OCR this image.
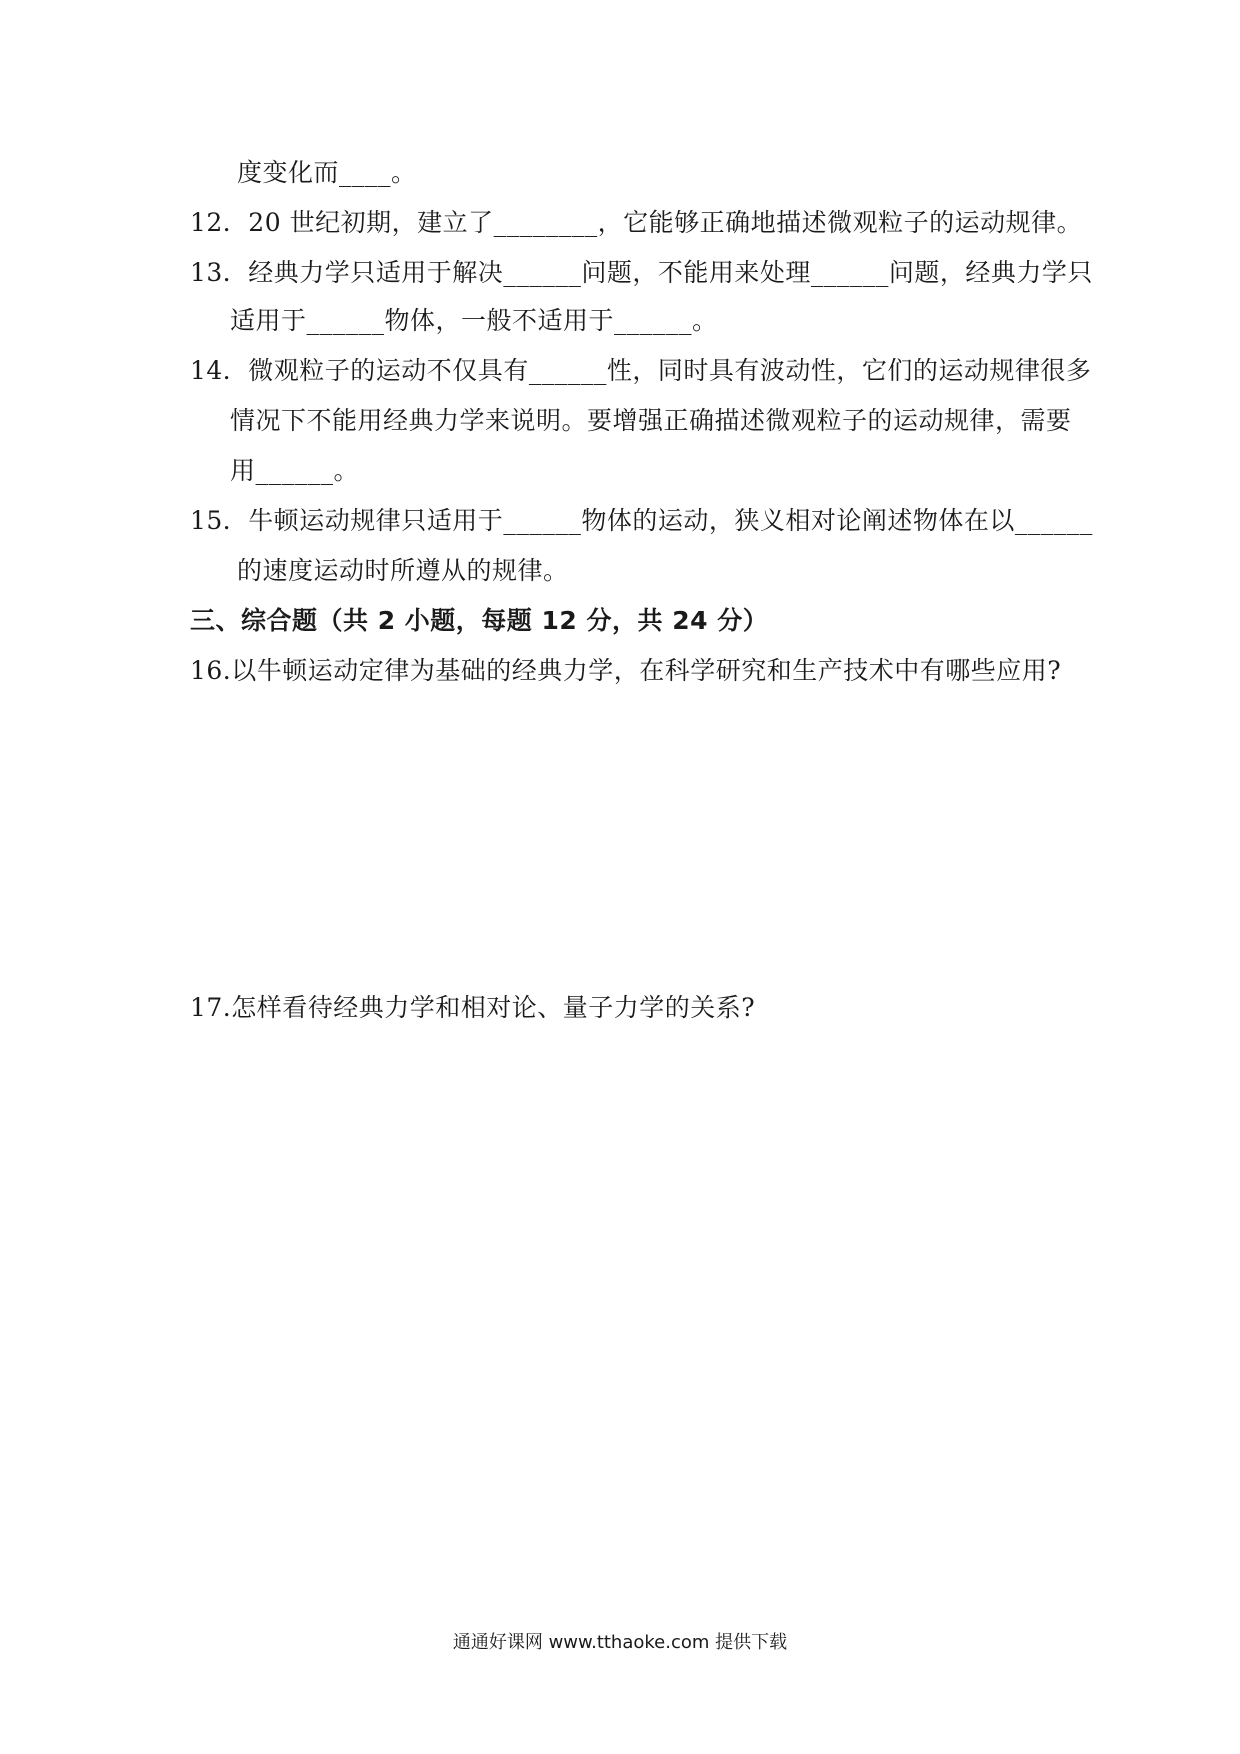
度变化而____。
12．20 世纪初期，建立了________，它能够正确地描述微观粒子的运动规律。
13．经典力学只适用于解决______问题，不能用来处理______问题，经典力学只
适用于______物体，一般不适用于______。
14．微观粒子的运动不仅具有______性，同时具有波动性，它们的运动规律很多
情况下不能用经典力学来说明。要增强正确描述微观粒子的运动规律，需要
用______。
15．牛顿运动规律只适用于______物体的运动，狭义相对论阐述物体在以______
的速度运动时所遵从的规律。
三、综合题（共 2 小题，每题 12 分，共 24 分）
16.以牛顿运动定律为基础的经典力学，在科学研究和生产技术中有哪些应用?
17.怎样看待经典力学和相对论、量子力学的关系?
通通好课网 www.tthaoke.com 提供下载
